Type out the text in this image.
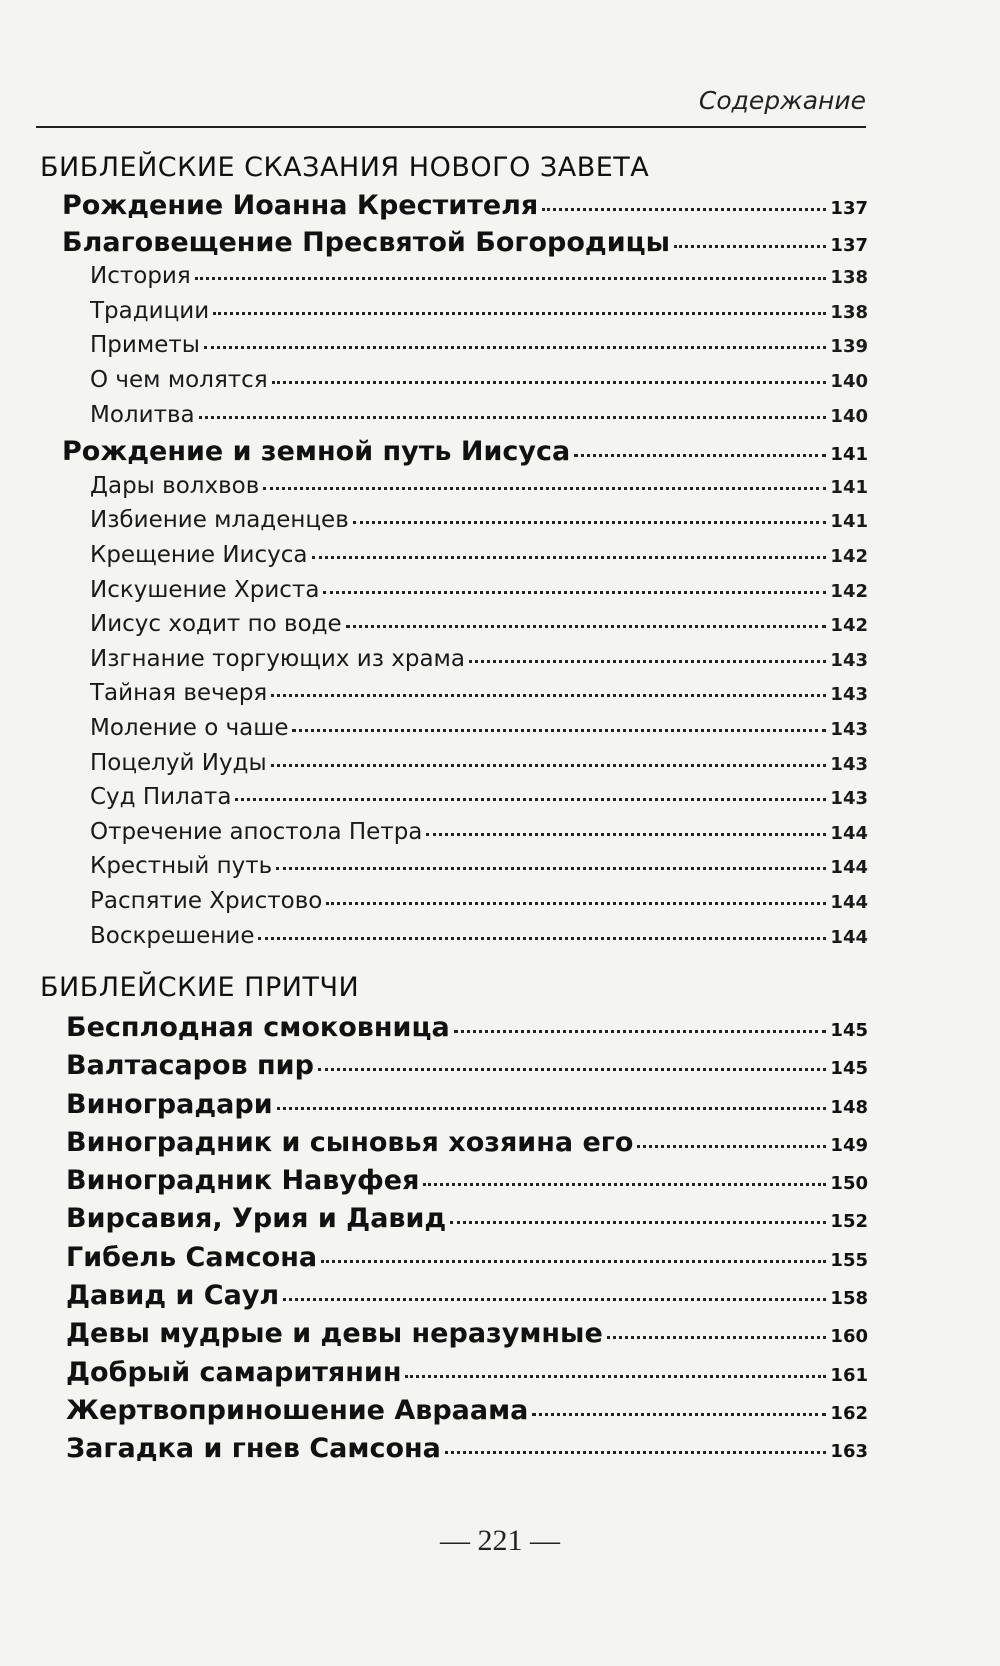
Содержание
БИБЛЕЙСКИЕ СКАЗАНИЯ НОВОГО ЗАВЕТА
Рождение Иоанна Крестителя	137
Благовещение Пресвятой Богородицы	137
История	138
Традиции	138
Приметы	139
О чем молятся	140
Молитва	140
Рождение и земной путь Иисуса	141
Дары волхвов	141
Избиение младенцев	141
Крещение Иисуса	142
Искушение Христа	142
Иисус ходит по воде	142
Изгнание торгующих из храма	143
Тайная вечеря	143
Моление о чаше	143
Поцелуй Иуды	143
Суд Пилата	143
Отречение апостола Петра	144
Крестный путь	144
Распятие Христово	144
Воскрешение	144
БИБЛЕЙСКИЕ ПРИТЧИ
Бесплодная смоковница	145
Валтасаров пир	145
Виноградари	148
Виноградник и сыновья хозяина его	149
Виноградник Навуфея	150
Вирсавия, Урия и Давид	152
Гибель Самсона	155
Давид и Саул	158
Девы мудрые и девы неразумные	160
Добрый самаритянин	161
Жертвоприношение Авраама	162
Загадка и гнев Самсона	163
— 221 —
